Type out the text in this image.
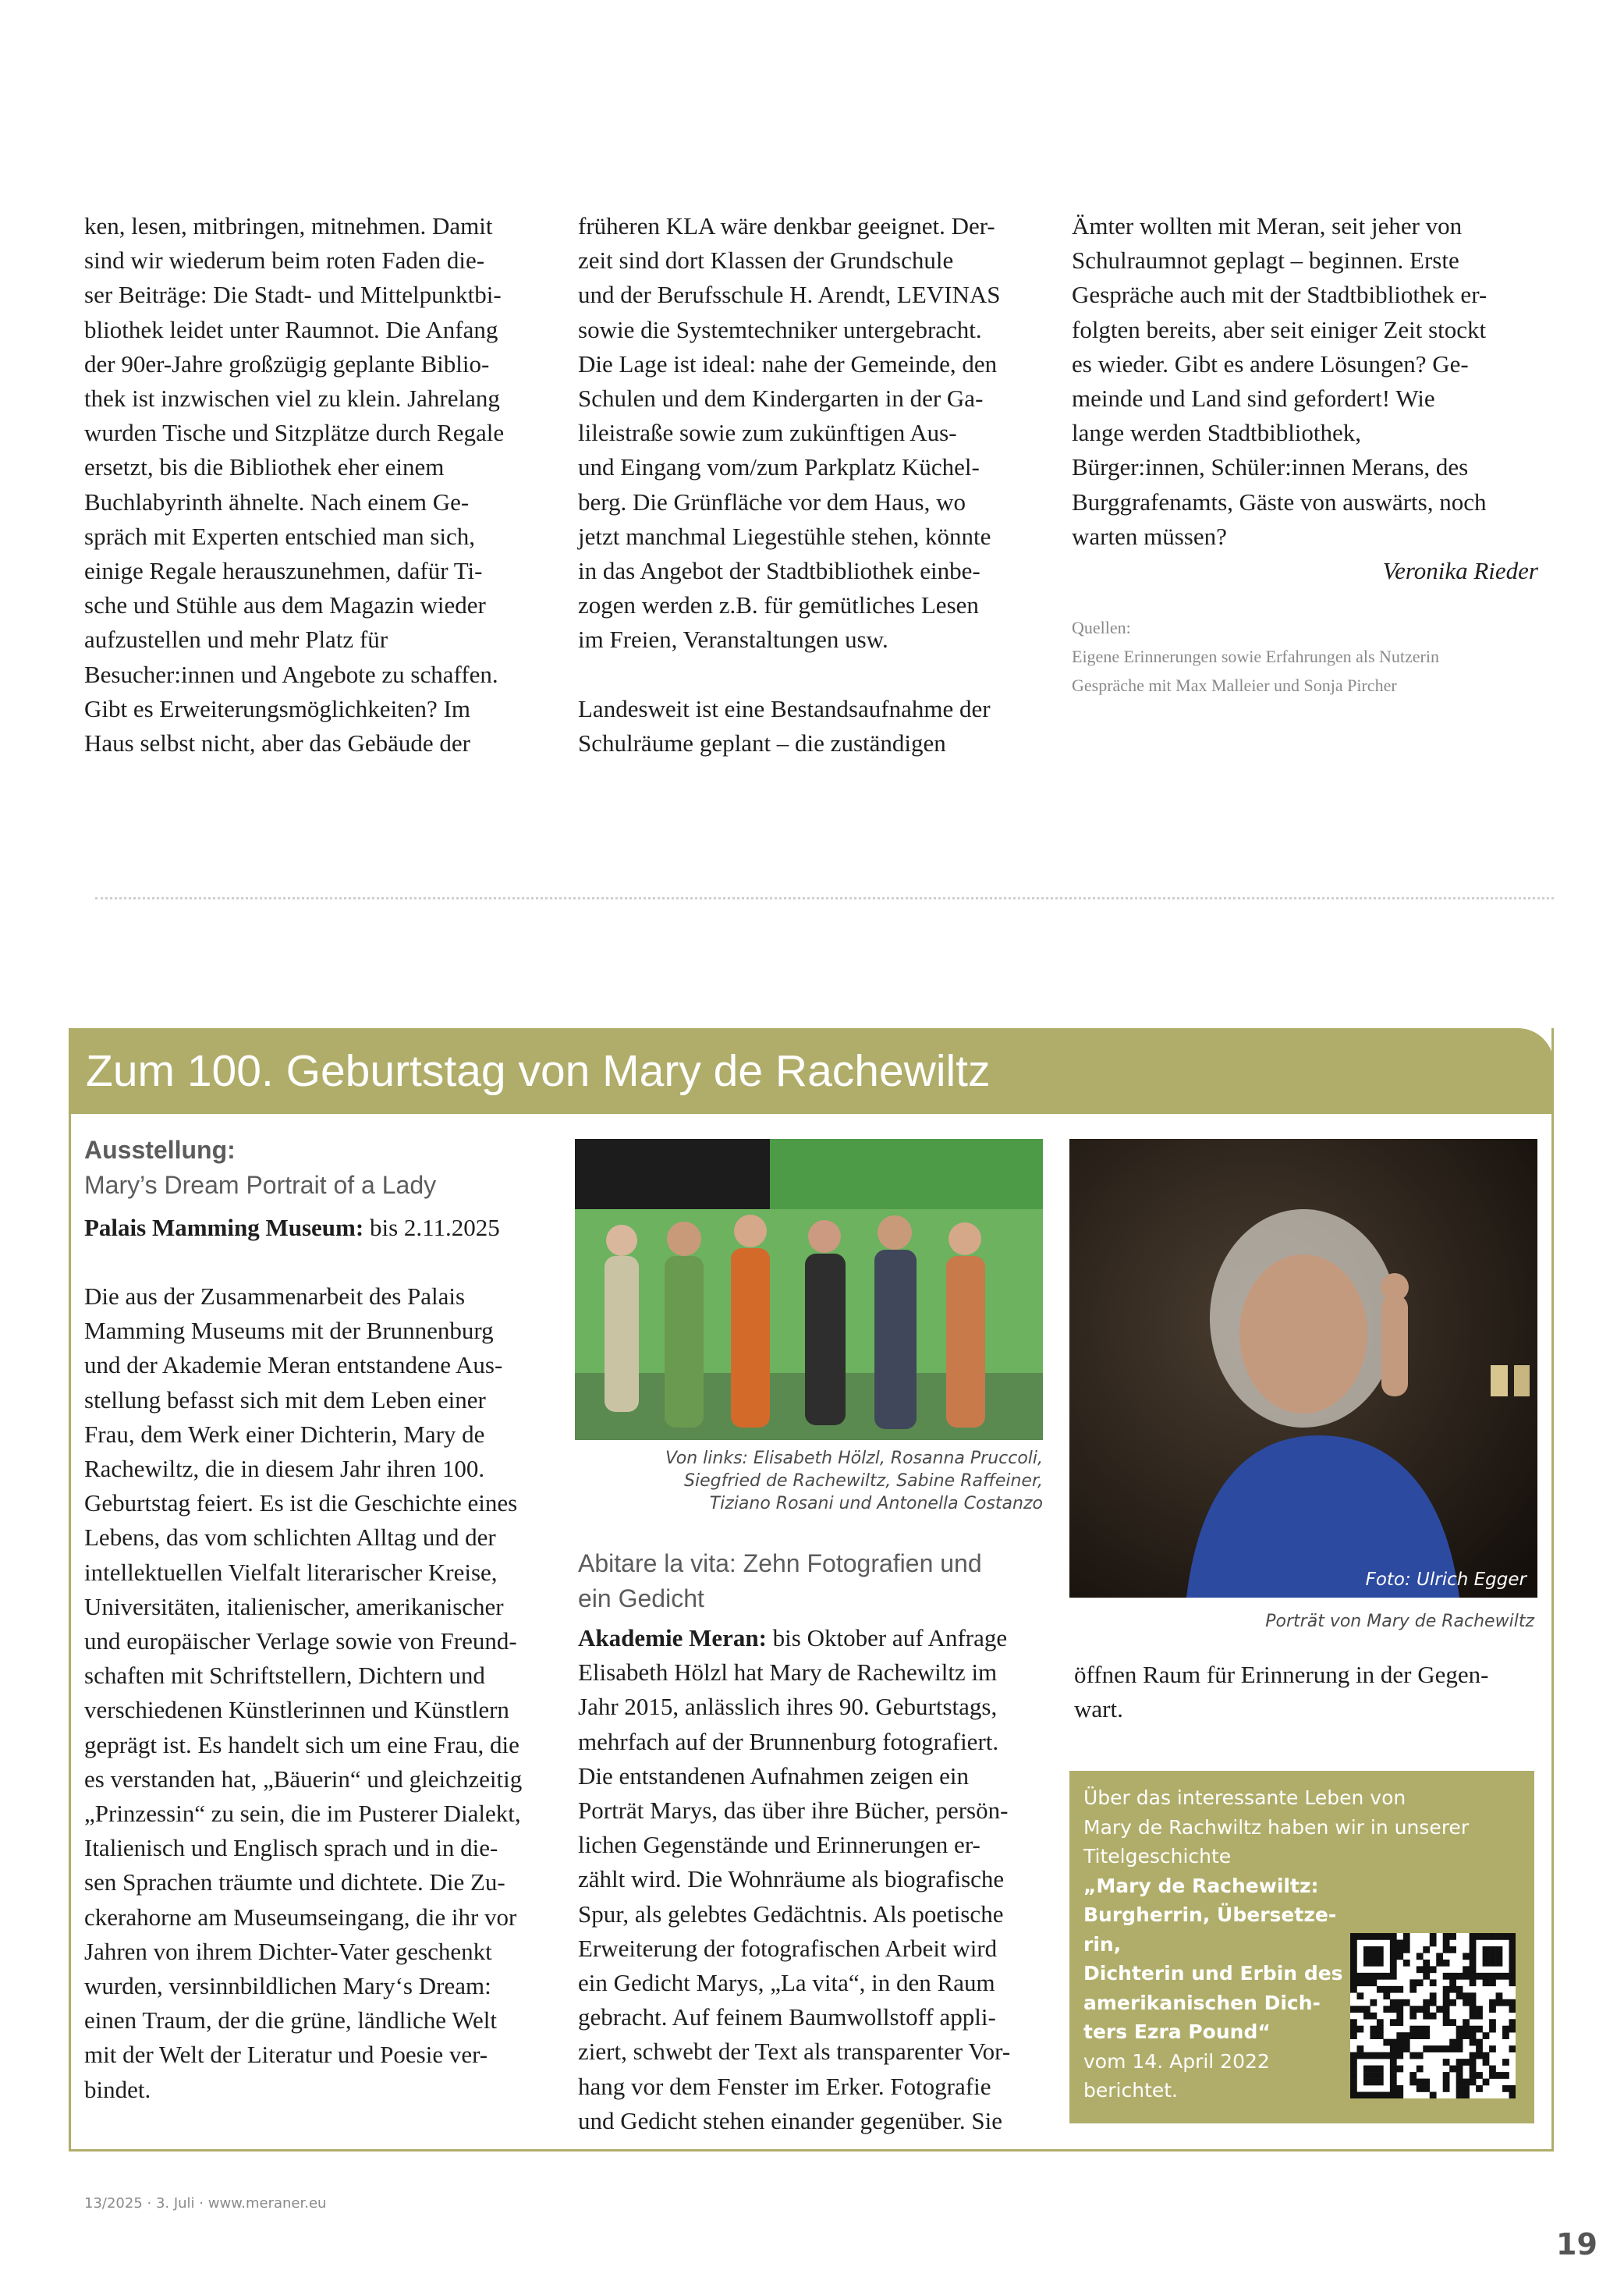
ken, lesen, mitbringen, mitnehmen. Damit
sind wir wiederum beim roten Faden die-
ser Beiträge: Die Stadt- und Mittelpunktbi-
bliothek leidet unter Raumnot. Die Anfang
der 90er-Jahre großzügig geplante Biblio-
thek ist inzwischen viel zu klein. Jahrelang
wurden Tische und Sitzplätze durch Regale
ersetzt, bis die Bibliothek eher einem
Buchlabyrinth ähnelte. Nach einem Ge-
spräch mit Experten entschied man sich,
einige Regale herauszunehmen, dafür Ti-
sche und Stühle aus dem Magazin wieder
aufzustellen und mehr Platz für
Besucher:innen und Angebote zu schaffen.
Gibt es Erweiterungsmöglichkeiten? Im
Haus selbst nicht, aber das Gebäude der
früheren KLA wäre denkbar geeignet. Der-
zeit sind dort Klassen der Grundschule
und der Berufsschule H. Arendt, LEVINAS
sowie die Systemtechniker untergebracht.
Die Lage ist ideal: nahe der Gemeinde, den
Schulen und dem Kindergarten in der Ga-
lileistraße sowie zum zukünftigen Aus-
und Eingang vom/zum Parkplatz Küchel-
berg. Die Grünfläche vor dem Haus, wo
jetzt manchmal Liegestühle stehen, könnte
in das Angebot der Stadtbibliothek einbe-
zogen werden z.B. für gemütliches Lesen
im Freien, Veranstaltungen usw.
Landesweit ist eine Bestandsaufnahme der
Schulräume geplant – die zuständigen
Ämter wollten mit Meran, seit jeher von
Schulraumnot geplagt – beginnen. Erste
Gespräche auch mit der Stadtbibliothek er-
folgten bereits, aber seit einiger Zeit stockt
es wieder. Gibt es andere Lösungen? Ge-
meinde und Land sind gefordert! Wie
lange werden Stadtbibliothek,
Bürger:innen, Schüler:innen Merans, des
Burggrafenamts, Gäste von auswärts, noch
warten müssen?
Veronika Rieder
Quellen:
Eigene Erinnerungen sowie Erfahrungen als Nutzerin
Gespräche mit Max Malleier und Sonja Pircher
Zum 100. Geburtstag von Mary de Rachewiltz
Ausstellung:
Mary’s Dream Portrait of a Lady
Palais Mamming Museum: bis 2.11.2025
Die aus der Zusammenarbeit des Palais
Mamming Museums mit der Brunnenburg
und der Akademie Meran entstandene Aus-
stellung befasst sich mit dem Leben einer
Frau, dem Werk einer Dichterin, Mary de
Rachewiltz, die in diesem Jahr ihren 100.
Geburtstag feiert. Es ist die Geschichte eines
Lebens, das vom schlichten Alltag und der
intellektuellen Vielfalt literarischer Kreise,
Universitäten, italienischer, amerikanischer
und europäischer Verlage sowie von Freund-
schaften mit Schriftstellern, Dichtern und
verschiedenen Künstlerinnen und Künstlern
geprägt ist. Es handelt sich um eine Frau, die
es verstanden hat, „Bäuerin“ und gleichzeitig
„Prinzessin“ zu sein, die im Pusterer Dialekt,
Italienisch und Englisch sprach und in die-
sen Sprachen träumte und dichtete. Die Zu-
ckerahorne am Museumseingang, die ihr vor
Jahren von ihrem Dichter-Vater geschenkt
wurden, versinnbildlichen Mary‘s Dream:
einen Traum, der die grüne, ländliche Welt
mit der Welt der Literatur und Poesie ver-
bindet.
Von links: Elisabeth Hölzl, Rosanna Pruccoli,
Siegfried de Rachewiltz, Sabine Raffeiner,
Tiziano Rosani und Antonella Costanzo
Abitare la vita: Zehn Fotografien und
ein Gedicht
Akademie Meran: bis Oktober auf Anfrage
Elisabeth Hölzl hat Mary de Rachewiltz im
Jahr 2015, anlässlich ihres 90. Geburtstags,
mehrfach auf der Brunnenburg fotografiert.
Die entstandenen Aufnahmen zeigen ein
Porträt Marys, das über ihre Bücher, persön-
lichen Gegenstände und Erinnerungen er-
zählt wird. Die Wohnräume als biografische
Spur, als gelebtes Gedächtnis. Als poetische
Erweiterung der fotografischen Arbeit wird
ein Gedicht Marys, „La vita“, in den Raum
gebracht. Auf feinem Baumwollstoff appli-
ziert, schwebt der Text als transparenter Vor-
hang vor dem Fenster im Erker. Fotografie
und Gedicht stehen einander gegenüber. Sie
Foto: Ulrich Egger
Porträt von Mary de Rachewiltz
öffnen Raum für Erinnerung in der Gegen-
wart.
Über das interessante Leben von
Mary de Rachwiltz haben wir in unserer
Titelgeschichte
„Mary de Rachewiltz:
Burgherrin, Übersetze-
rin,
Dichterin und Erbin des
amerikanischen Dich-
ters Ezra Pound“
vom 14. April 2022
berichtet.
13/2025 · 3. Juli · www.meraner.eu
19
